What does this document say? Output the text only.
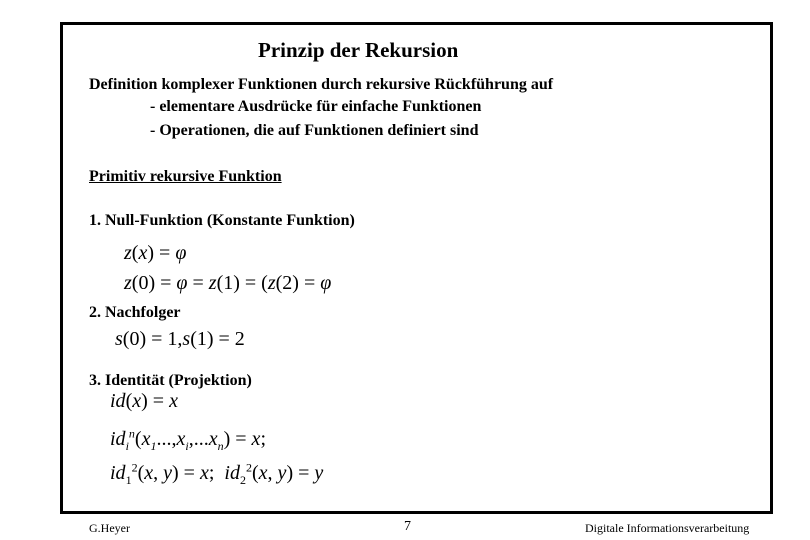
Prinzip der Rekursion
Definition komplexer Funktionen durch rekursive Rückführung auf
- elementare Ausdrücke für einfache Funktionen
- Operationen, die auf Funktionen definiert sind
Primitiv rekursive Funktion
1. Null-Funktion (Konstante Funktion)
z(x) = φ
z(0) = φ = z(1) = (z(2) = φ
2. Nachfolger
s(0) = 1,s(1) = 2
3. Identität (Projektion)
id(x) = x
$id_i^n(x_1...,x_i,...x_n) = x$;
$id_1^2(x$, y) = x;  $id_2^2(x$, y) = y
G.Heyer	7	Digitale Informationsverarbeitung
